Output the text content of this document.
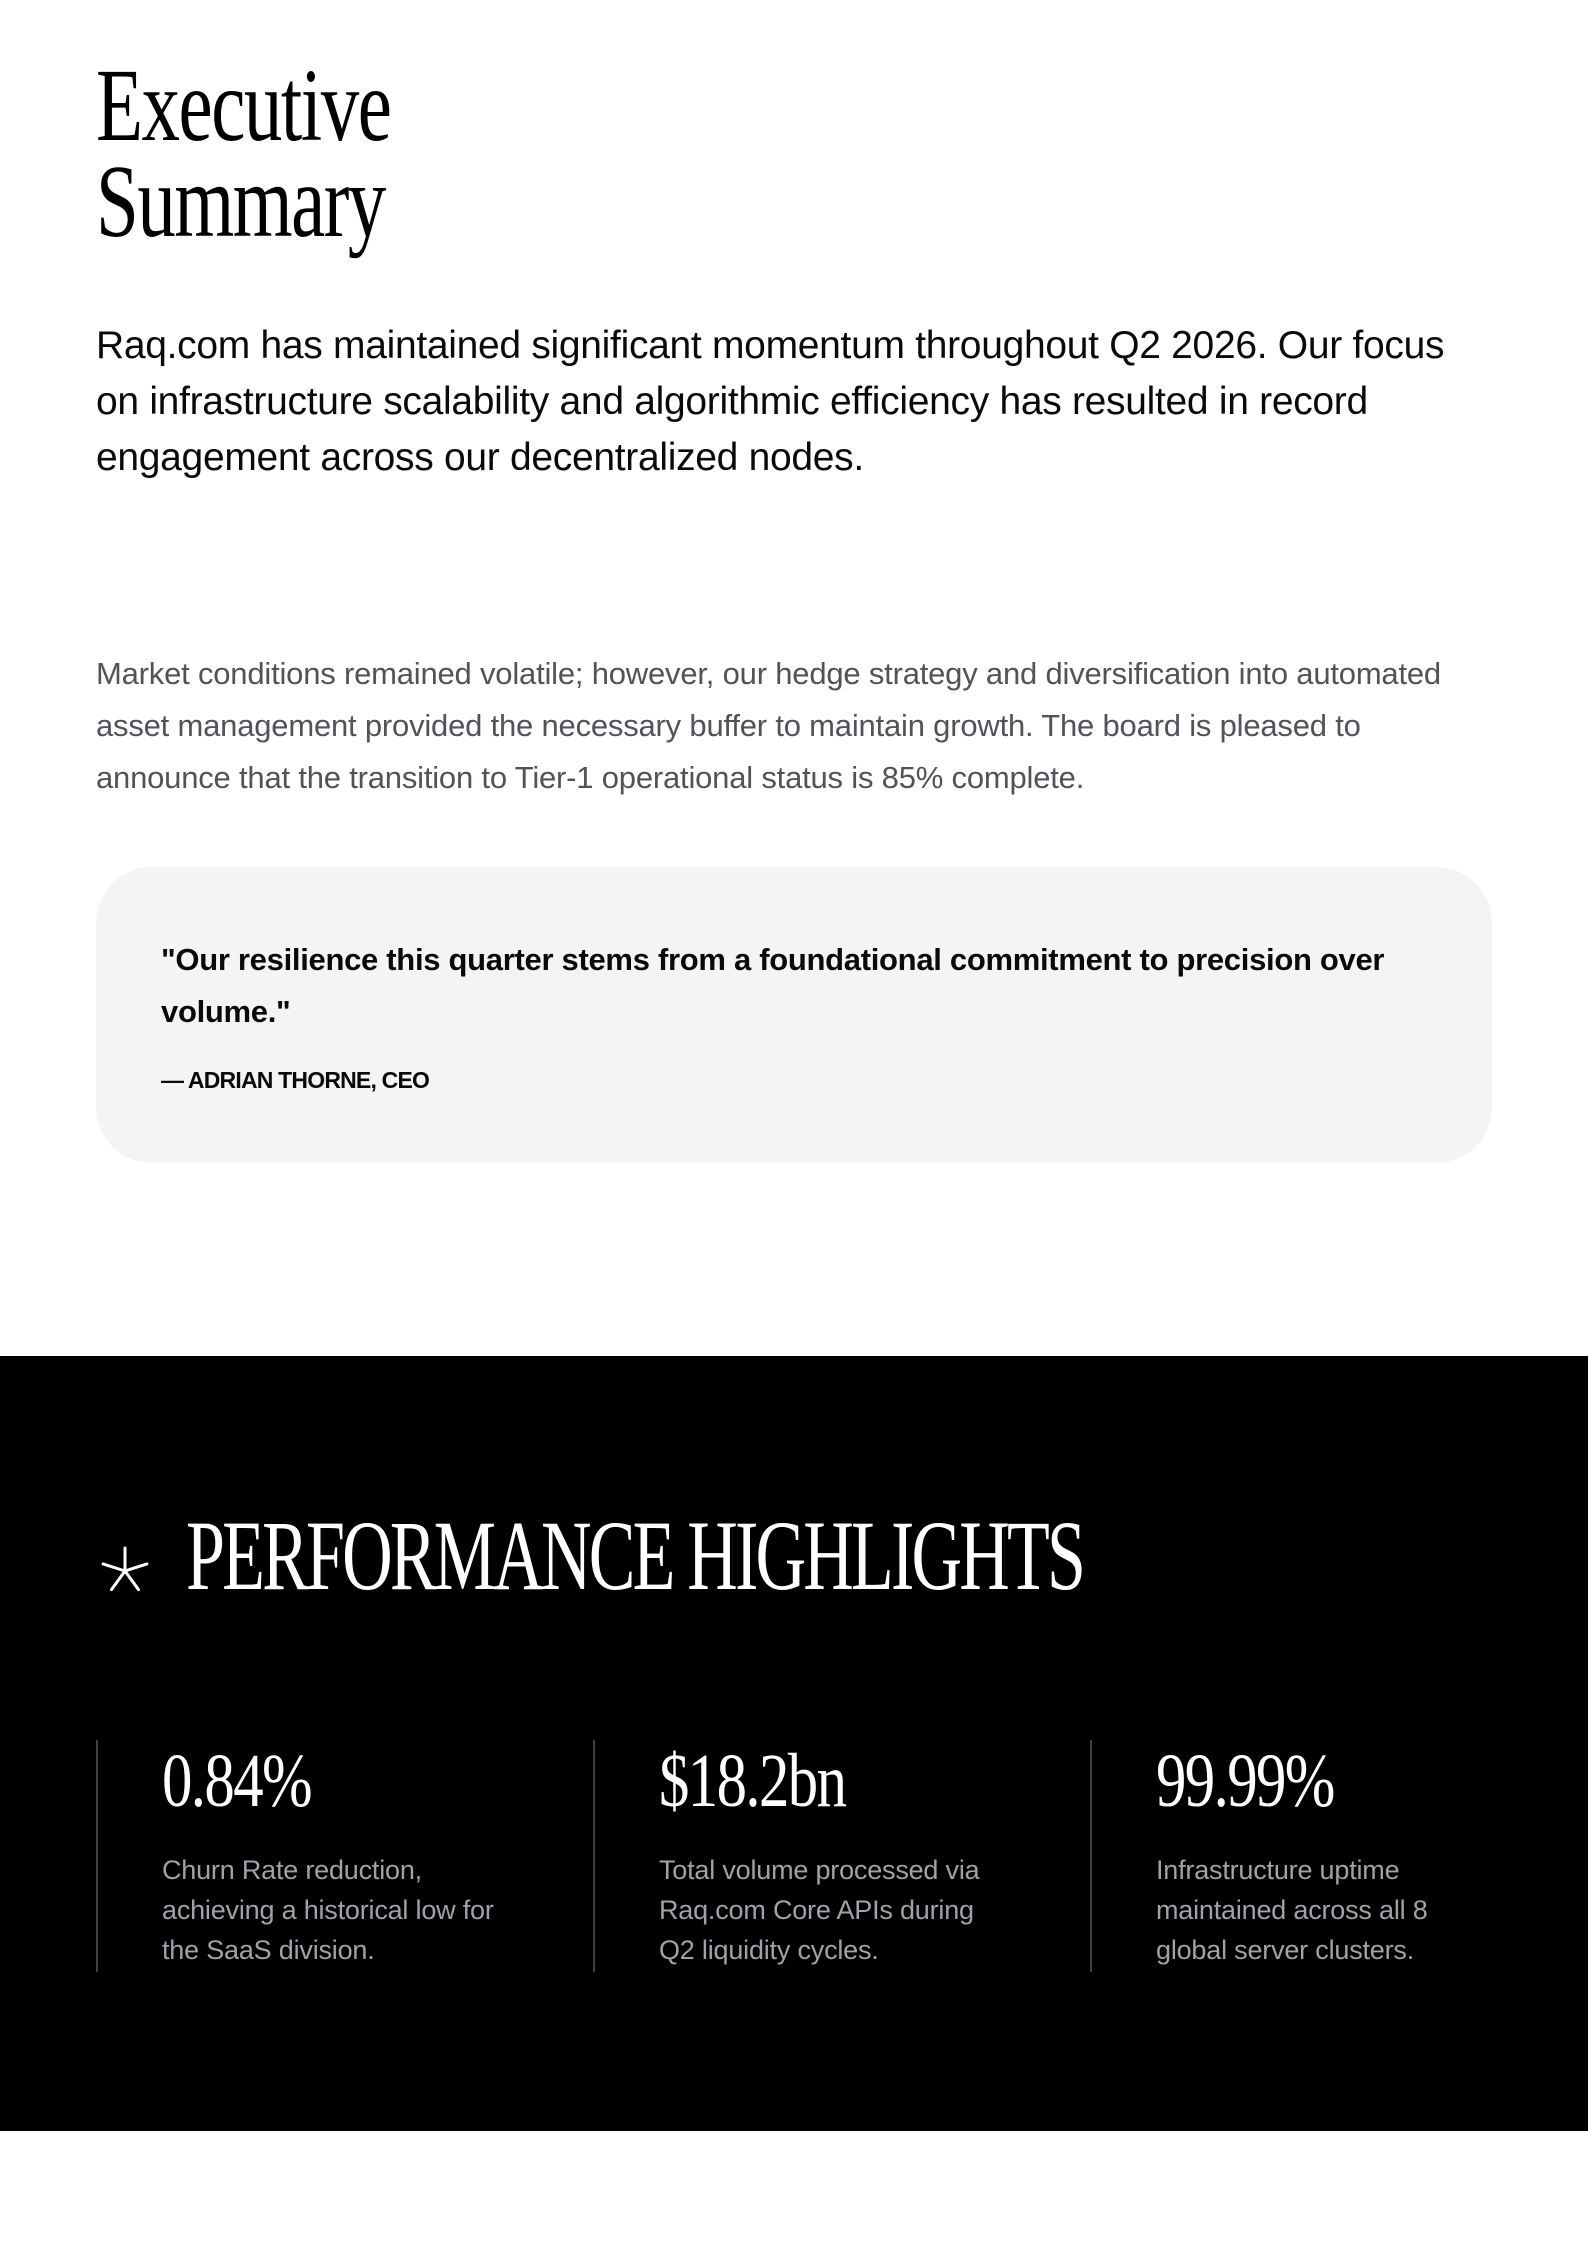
Executive
Summary

Raq.com has maintained significant momentum throughout Q2 2026. Our focus on infrastructure scalability and algorithmic efficiency has resulted in record engagement across our decentralized nodes.

Market conditions remained volatile; however, our hedge strategy and diversification into automated asset management provided the necessary buffer to maintain growth. The board is pleased to announce that the transition to Tier-1 operational status is 85% complete.

"Our resilience this quarter stems from a foundational commitment to precision over volume."

— ADRIAN THORNE, CEO

PERFORMANCE HIGHLIGHTS
0.84%

Churn Rate reduction, achieving a historical low for the SaaS division.

$18.2bn

Total volume processed via Raq.com Core APIs during Q2 liquidity cycles.

99.99%

Infrastructure uptime maintained across all 8 global server clusters.
